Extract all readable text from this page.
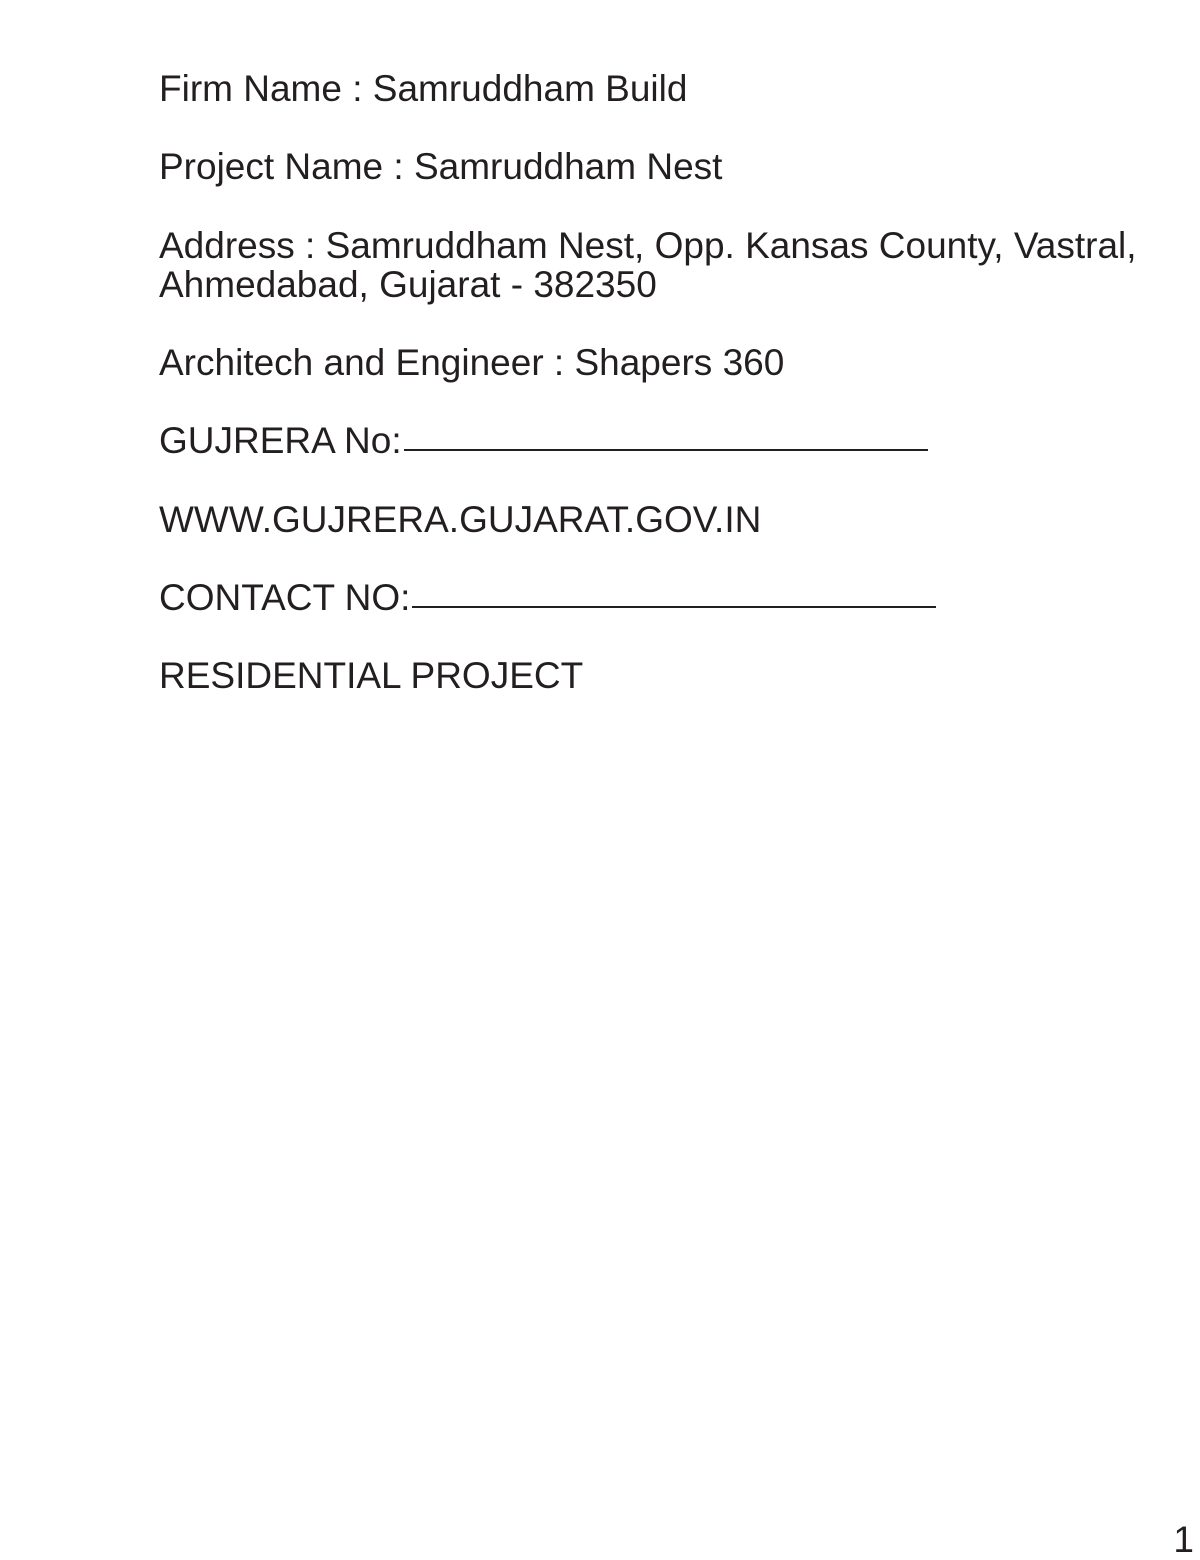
Firm Name : Samruddham Build
Project Name : Samruddham Nest
Address : Samruddham Nest, Opp. Kansas County, Vastral,
Ahmedabad, Gujarat - 382350
Architech and Engineer : Shapers 360
GUJRERA No:
WWW.GUJRERA.GUJARAT.GOV.IN
CONTACT NO:
RESIDENTIAL PROJECT
1
